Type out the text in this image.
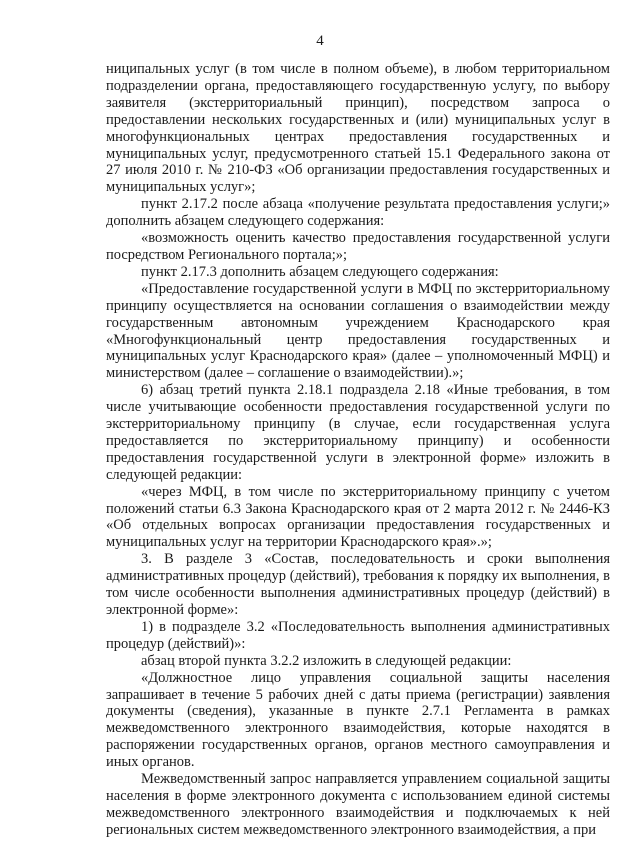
4

ниципальных услуг (в том числе в полном объеме), в любом территориальном подразделении органа, предоставляющего государственную услугу, по выбору заявителя (экстерриториальный принцип), посредством запроса о предоставлении нескольких государственных и (или) муниципальных услуг в многофункциональных центрах предоставления государственных и муниципальных услуг, предусмотренного статьей 15.1 Федерального закона от 27 июля 2010 г. № 210-ФЗ «Об организации предоставления государственных и муниципальных услуг»;

пункт 2.17.2 после абзаца «получение результата предоставления услуги;» дополнить абзацем следующего содержания:

«возможность оценить качество предоставления государственной услуги посредством Регионального портала;»;

пункт 2.17.3 дополнить абзацем следующего содержания:

«Предоставление государственной услуги в МФЦ по экстерриториальному принципу осуществляется на основании соглашения о взаимодействии между государственным автономным учреждением Краснодарского края «Многофункциональный центр предоставления государственных и муниципальных услуг Краснодарского края» (далее – уполномоченный МФЦ) и министерством (далее – соглашение о взаимодействии).»;

6) абзац третий пункта 2.18.1 подраздела 2.18 «Иные требования, в том числе учитывающие особенности предоставления государственной услуги по экстерриториальному принципу (в случае, если государственная услуга предоставляется по экстерриториальному принципу) и особенности предоставления государственной услуги в электронной форме» изложить в следующей редакции:

«через МФЦ, в том числе по экстерриториальному принципу с учетом положений статьи 6.3 Закона Краснодарского края от 2 марта 2012 г. № 2446-КЗ «Об отдельных вопросах организации предоставления государственных и муниципальных услуг на территории Краснодарского края».»;

3. В разделе 3 «Состав, последовательность и сроки выполнения административных процедур (действий), требования к порядку их выполнения, в том числе особенности выполнения административных процедур (действий) в электронной форме»:

1) в подразделе 3.2 «Последовательность выполнения административных процедур (действий)»:

абзац второй пункта 3.2.2 изложить в следующей редакции:

«Должностное лицо управления социальной защиты населения запрашивает в течение 5 рабочих дней с даты приема (регистрации) заявления документы (сведения), указанные в пункте 2.7.1 Регламента в рамках межведомственного электронного взаимодействия, которые находятся в распоряжении государственных органов, органов местного самоуправления и иных органов.

Межведомственный запрос направляется управлением социальной защиты населения в форме электронного документа с использованием единой системы межведомственного электронного взаимодействия и подключаемых к ней региональных систем межведомственного электронного взаимодействия, а при
